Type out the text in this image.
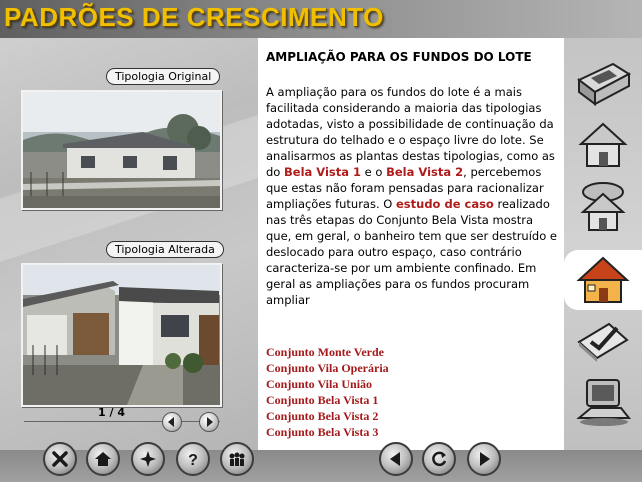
PADRÕES DE CRESCIMENTO
Tipologia Original
Tipologia Alterada
1 / 4
AMPLIAÇÃO PARA OS FUNDOS DO LOTE
A ampliação para os fundos do lote é a mais facilitada considerando a maioria das tipologias adotadas, visto a possibilidade de continuação da estrutura do telhado e o espaço livre do lote. Se analisarmos as plantas destas tipologias, como as do Bela Vista 1 e o Bela Vista 2, percebemos que estas não foram pensadas para racionalizar ampliações futuras. O estudo de caso realizado nas três etapas do Conjunto Bela Vista mostra que, em geral, o banheiro tem que ser destruído e deslocado para outro espaço, caso contrário caracteriza-se por um ambiente confinado. Em geral as ampliações para os fundos procuram ampliar
Conjunto Monte Verde
Conjunto Vila Operária
Conjunto Vila União
Conjunto Bela Vista 1
Conjunto Bela Vista 2
Conjunto Bela Vista 3
?
